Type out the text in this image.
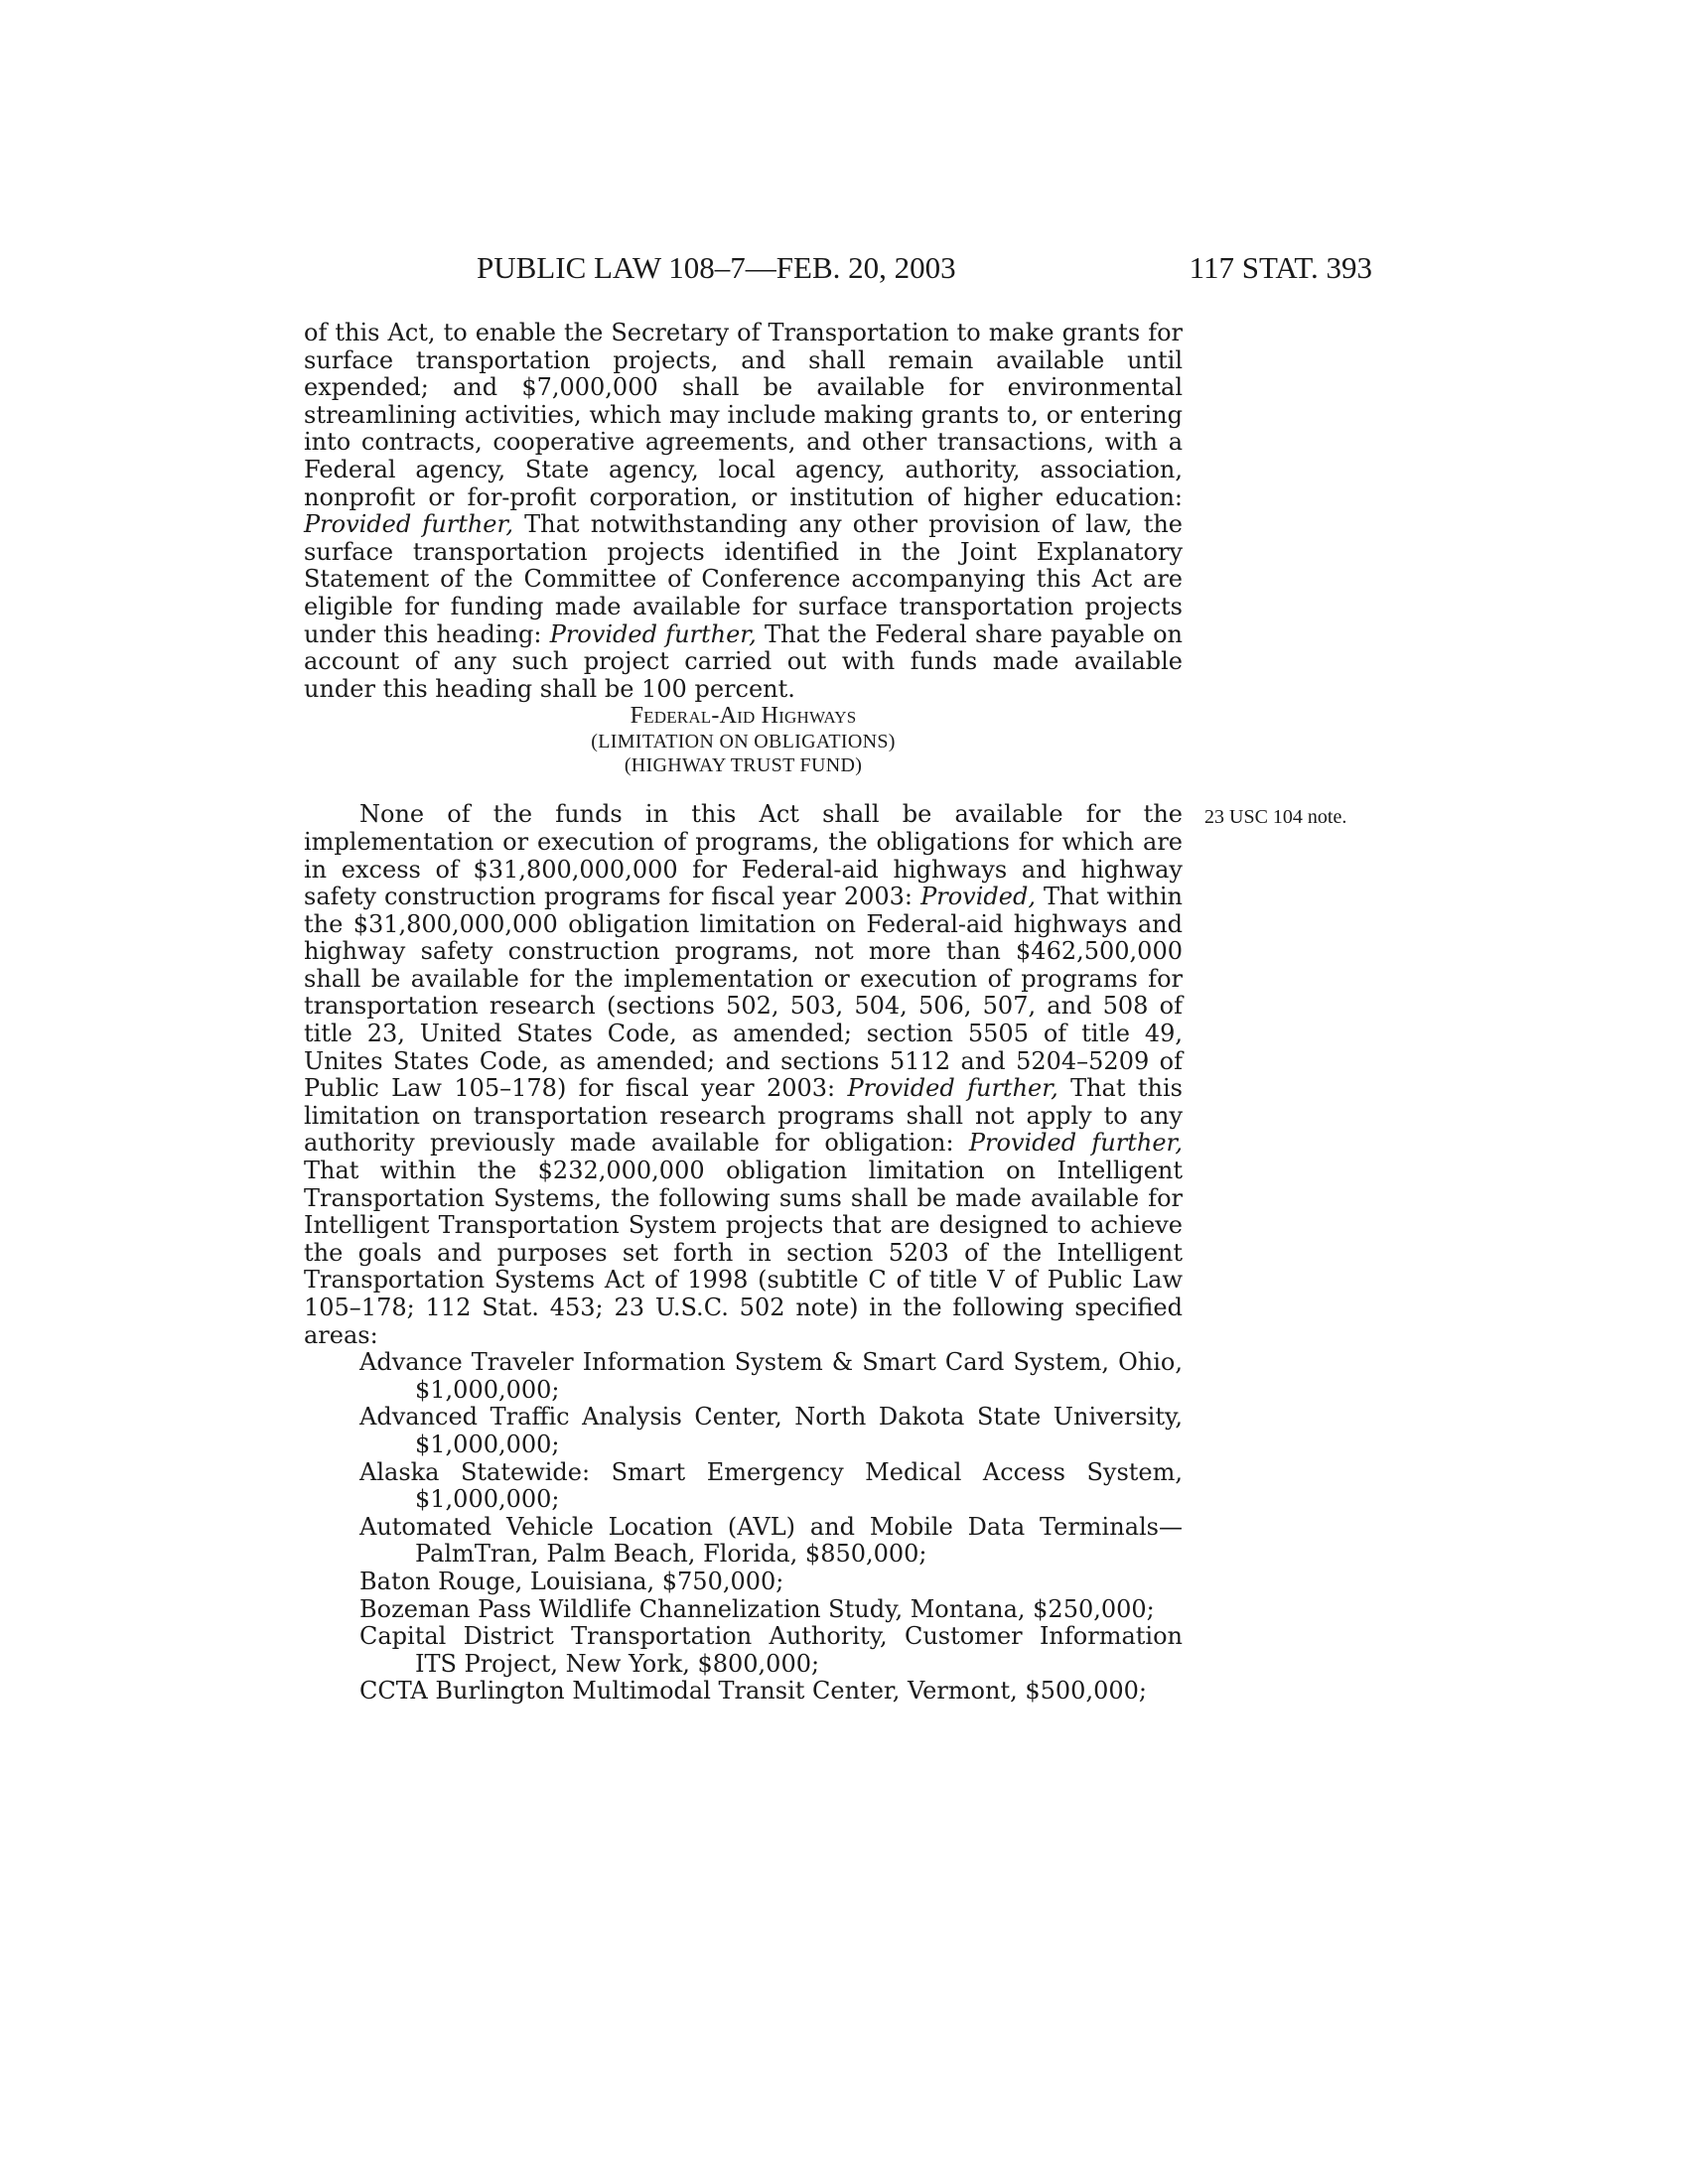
PUBLIC LAW 108–7—FEB. 20, 2003	117 STAT. 393

of this Act, to enable the Secretary of Transportation to make grants for surface transportation projects, and shall remain available until expended; and $7,000,000 shall be available for environmental streamlining activities, which may include making grants to, or entering into contracts, cooperative agreements, and other transactions, with a Federal agency, State agency, local agency, authority, association, nonprofit or for-profit corporation, or institution of higher education: Provided further, That notwithstanding any other provision of law, the surface transportation projects identified in the Joint Explanatory Statement of the Committee of Conference accompanying this Act are eligible for funding made available for surface transportation projects under this heading: Provided further, That the Federal share payable on account of any such project carried out with funds made available under this heading shall be 100 percent.

Federal-Aid Highways

(LIMITATION ON OBLIGATIONS)

(HIGHWAY TRUST FUND)

23 USC 104 note.

None of the funds in this Act shall be available for the implementation or execution of programs, the obligations for which are in excess of $31,800,000,000 for Federal-aid highways and highway safety construction programs for fiscal year 2003: Provided, That within the $31,800,000,000 obligation limitation on Federal-aid highways and highway safety construction programs, not more than $462,500,000 shall be available for the implementation or execution of programs for transportation research (sections 502, 503, 504, 506, 507, and 508 of title 23, United States Code, as amended; section 5505 of title 49, Unites States Code, as amended; and sections 5112 and 5204–5209 of Public Law 105–178) for fiscal year 2003: Provided further, That this limitation on transportation research programs shall not apply to any authority previously made available for obligation: Provided further, That within the $232,000,000 obligation limitation on Intelligent Transportation Systems, the following sums shall be made available for Intelligent Transportation System projects that are designed to achieve the goals and purposes set forth in section 5203 of the Intelligent Transportation Systems Act of 1998 (subtitle C of title V of Public Law 105–178; 112 Stat. 453; 23 U.S.C. 502 note) in the following specified areas:

Advance Traveler Information System & Smart Card System, Ohio, $1,000,000;

Advanced Traffic Analysis Center, North Dakota State University, $1,000,000;

Alaska Statewide: Smart Emergency Medical Access System, $1,000,000;

Automated Vehicle Location (AVL) and Mobile Data Terminals—PalmTran, Palm Beach, Florida, $850,000;

Baton Rouge, Louisiana, $750,000;

Bozeman Pass Wildlife Channelization Study, Montana, $250,000;

Capital District Transportation Authority, Customer Information ITS Project, New York, $800,000;

CCTA Burlington Multimodal Transit Center, Vermont, $500,000;
